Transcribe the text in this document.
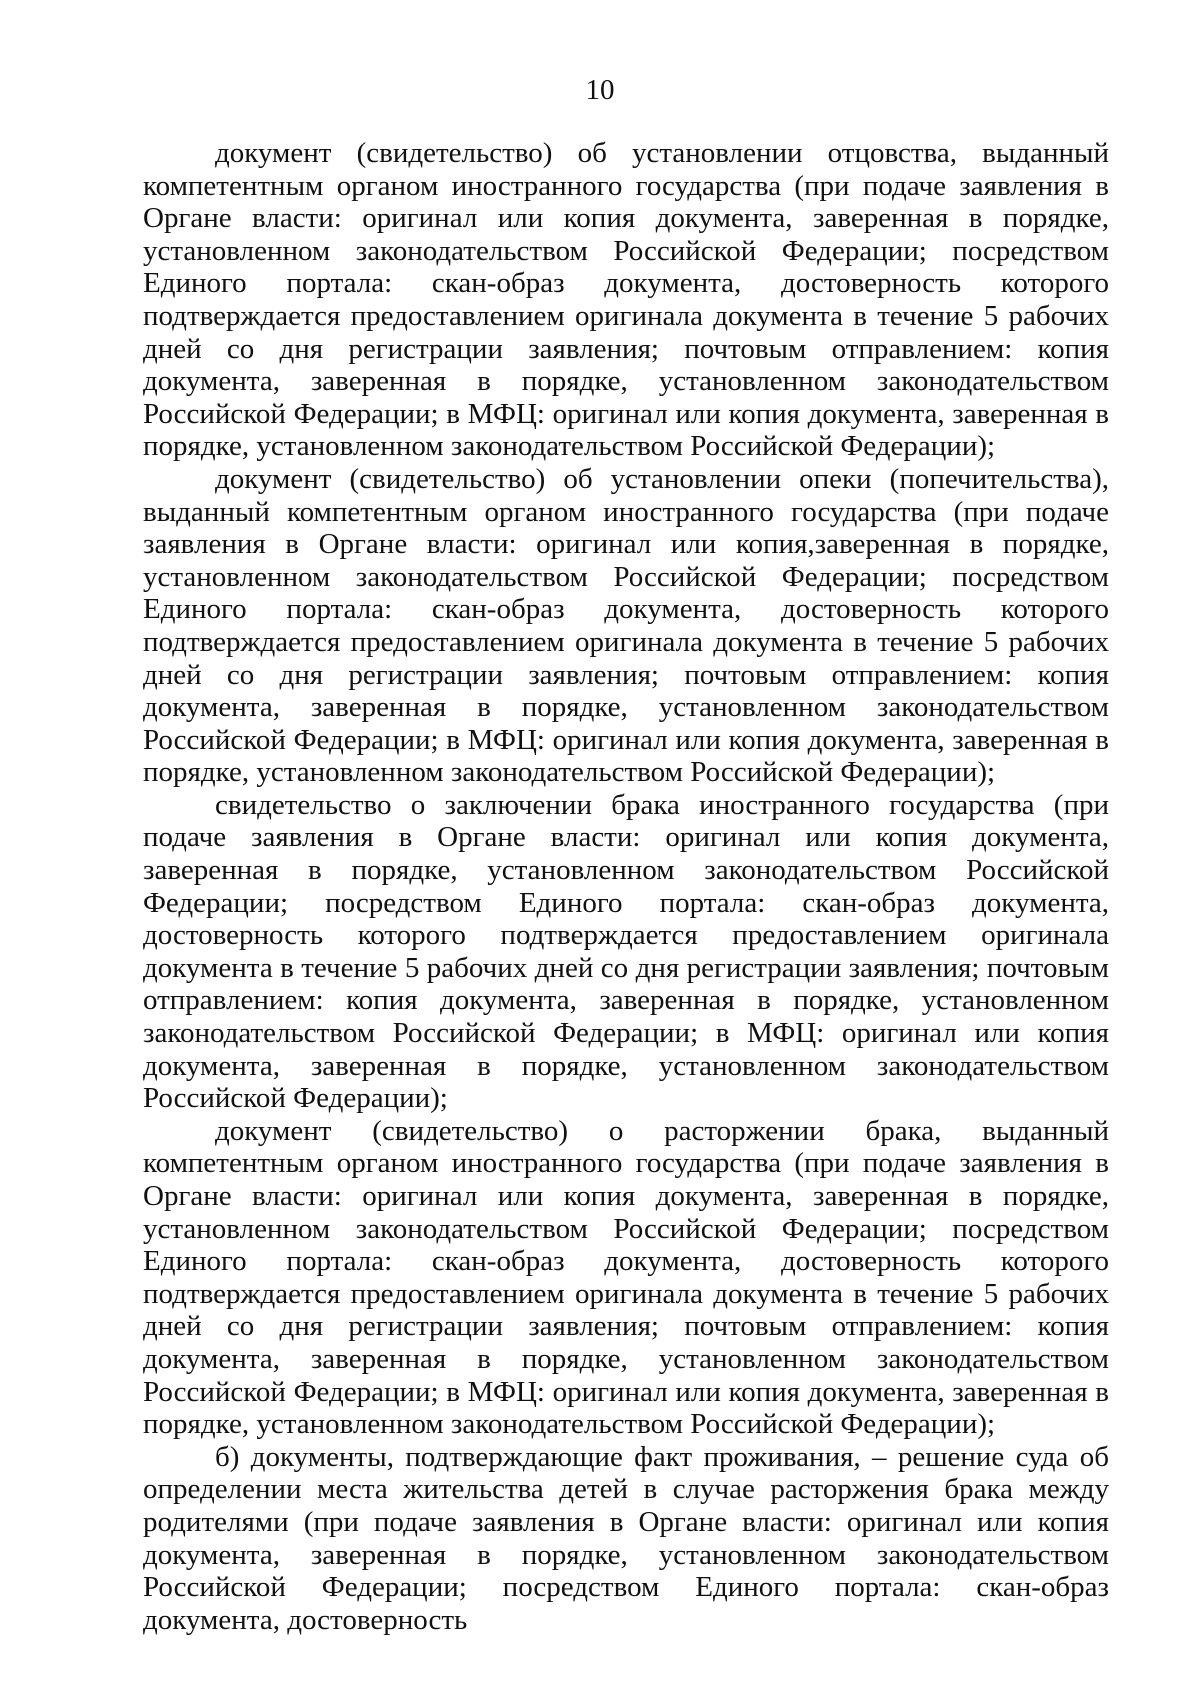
10

документ (свидетельство) об установлении отцовства, выданный компетентным органом иностранного государства (при подаче заявления в Органе власти: оригинал или копия документа, заверенная в порядке, установленном законодательством Российской Федерации; посредством Единого портала: скан-образ документа, достоверность которого подтверждается предоставлением оригинала документа в течение 5 рабочих дней со дня регистрации заявления; почтовым отправлением: копия документа, заверенная в порядке, установленном законодательством Российской Федерации; в МФЦ: оригинал или копия документа, заверенная в порядке, установленном законодательством Российской Федерации);

документ (свидетельство) об установлении опеки (попечительства), выданный компетентным органом иностранного государства (при подаче заявления в Органе власти: оригинал или копия,заверенная в порядке, установленном законодательством Российской Федерации; посредством Единого портала: скан-образ документа, достоверность которого подтверждается предоставлением оригинала документа в течение 5 рабочих дней со дня регистрации заявления; почтовым отправлением: копия документа, заверенная в порядке, установленном законодательством Российской Федерации; в МФЦ: оригинал или копия документа, заверенная в порядке, установленном законодательством Российской Федерации);

свидетельство о заключении брака иностранного государства (при подаче заявления в Органе власти: оригинал или копия документа, заверенная в порядке, установленном законодательством Российской Федерации; посредством Единого портала: скан-образ документа, достоверность которого подтверждается предоставлением оригинала документа в течение 5 рабочих дней со дня регистрации заявления; почтовым отправлением: копия документа, заверенная в порядке, установленном законодательством Российской Федерации; в МФЦ: оригинал или копия документа, заверенная в порядке, установленном законодательством Российской Федерации);

документ (свидетельство) о расторжении брака, выданный компетентным органом иностранного государства (при подаче заявления в Органе власти: оригинал или копия документа, заверенная в порядке, установленном законодательством Российской Федерации; посредством Единого портала: скан-образ документа, достоверность которого подтверждается предоставлением оригинала документа в течение 5 рабочих дней со дня регистрации заявления; почтовым отправлением: копия документа, заверенная в порядке, установленном законодательством Российской Федерации; в МФЦ: оригинал или копия документа, заверенная в порядке, установленном законодательством Российской Федерации);

б) документы, подтверждающие факт проживания, – решение суда об определении места жительства детей в случае расторжения брака между родителями (при подаче заявления в Органе власти: оригинал или копия документа, заверенная в порядке, установленном законодательством Российской Федерации; посредством Единого портала: скан-образ документа, достоверность
